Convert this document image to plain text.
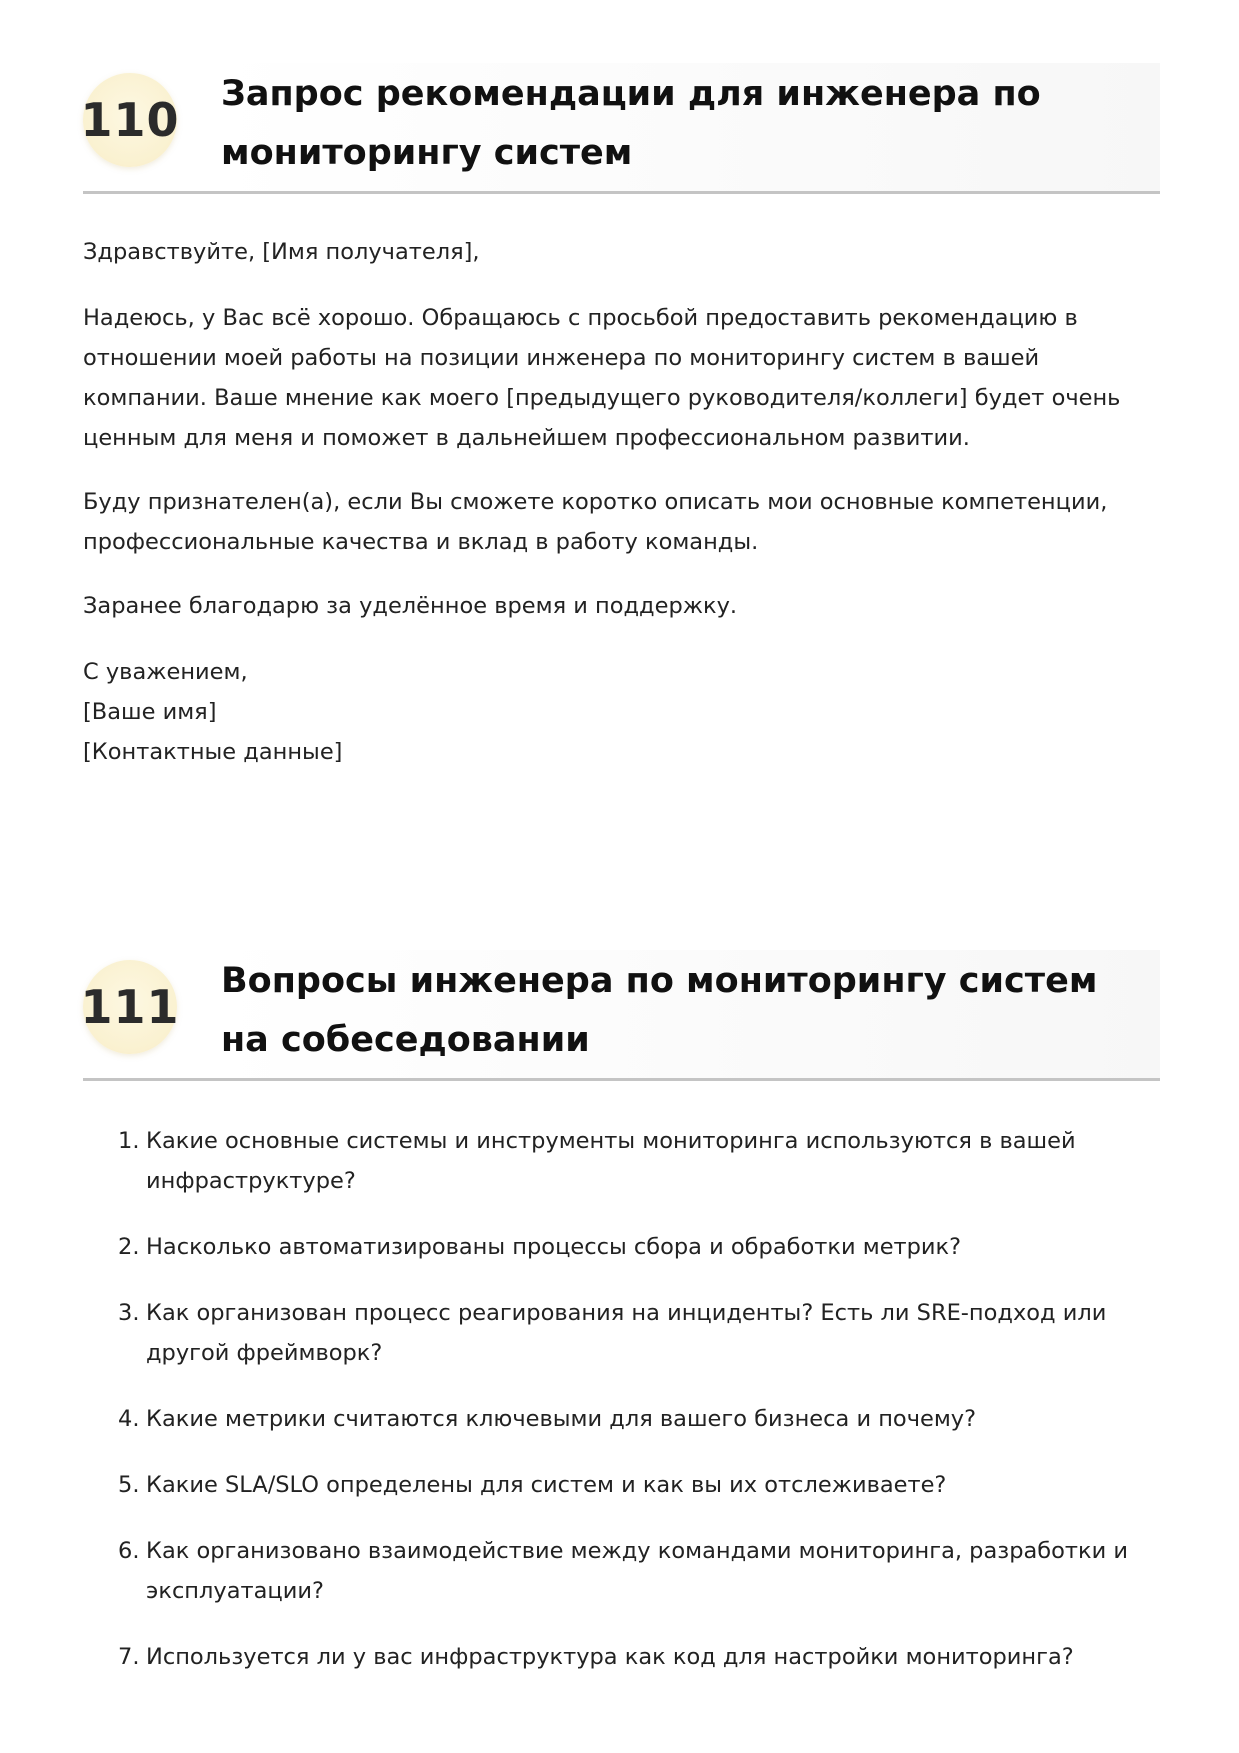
110 Запрос рекомендации для инженера по мониторингу систем

Здравствуйте, [Имя получателя],

Надеюсь, у Вас всё хорошо. Обращаюсь с просьбой предоставить рекомендацию в отношении моей работы на позиции инженера по мониторингу систем в вашей компании. Ваше мнение как моего [предыдущего руководителя/коллеги] будет очень ценным для меня и поможет в дальнейшем профессиональном развитии.

Буду признателен(а), если Вы сможете коротко описать мои основные компетенции, профессиональные качества и вклад в работу команды.

Заранее благодарю за уделённое время и поддержку.

С уважением,
[Ваше имя]
[Контактные данные]

111 Вопросы инженера по мониторингу систем на собеседовании
1. Какие основные системы и инструменты мониторинга используются в вашей инфраструктуре?
2. Насколько автоматизированы процессы сбора и обработки метрик?
3. Как организован процесс реагирования на инциденты? Есть ли SRE-подход или другой фреймворк?
4. Какие метрики считаются ключевыми для вашего бизнеса и почему?
5. Какие SLA/SLO определены для систем и как вы их отслеживаете?
6. Как организовано взаимодействие между командами мониторинга, разработки и эксплуатации?
7. Используется ли у вас инфраструктура как код для настройки мониторинга?
